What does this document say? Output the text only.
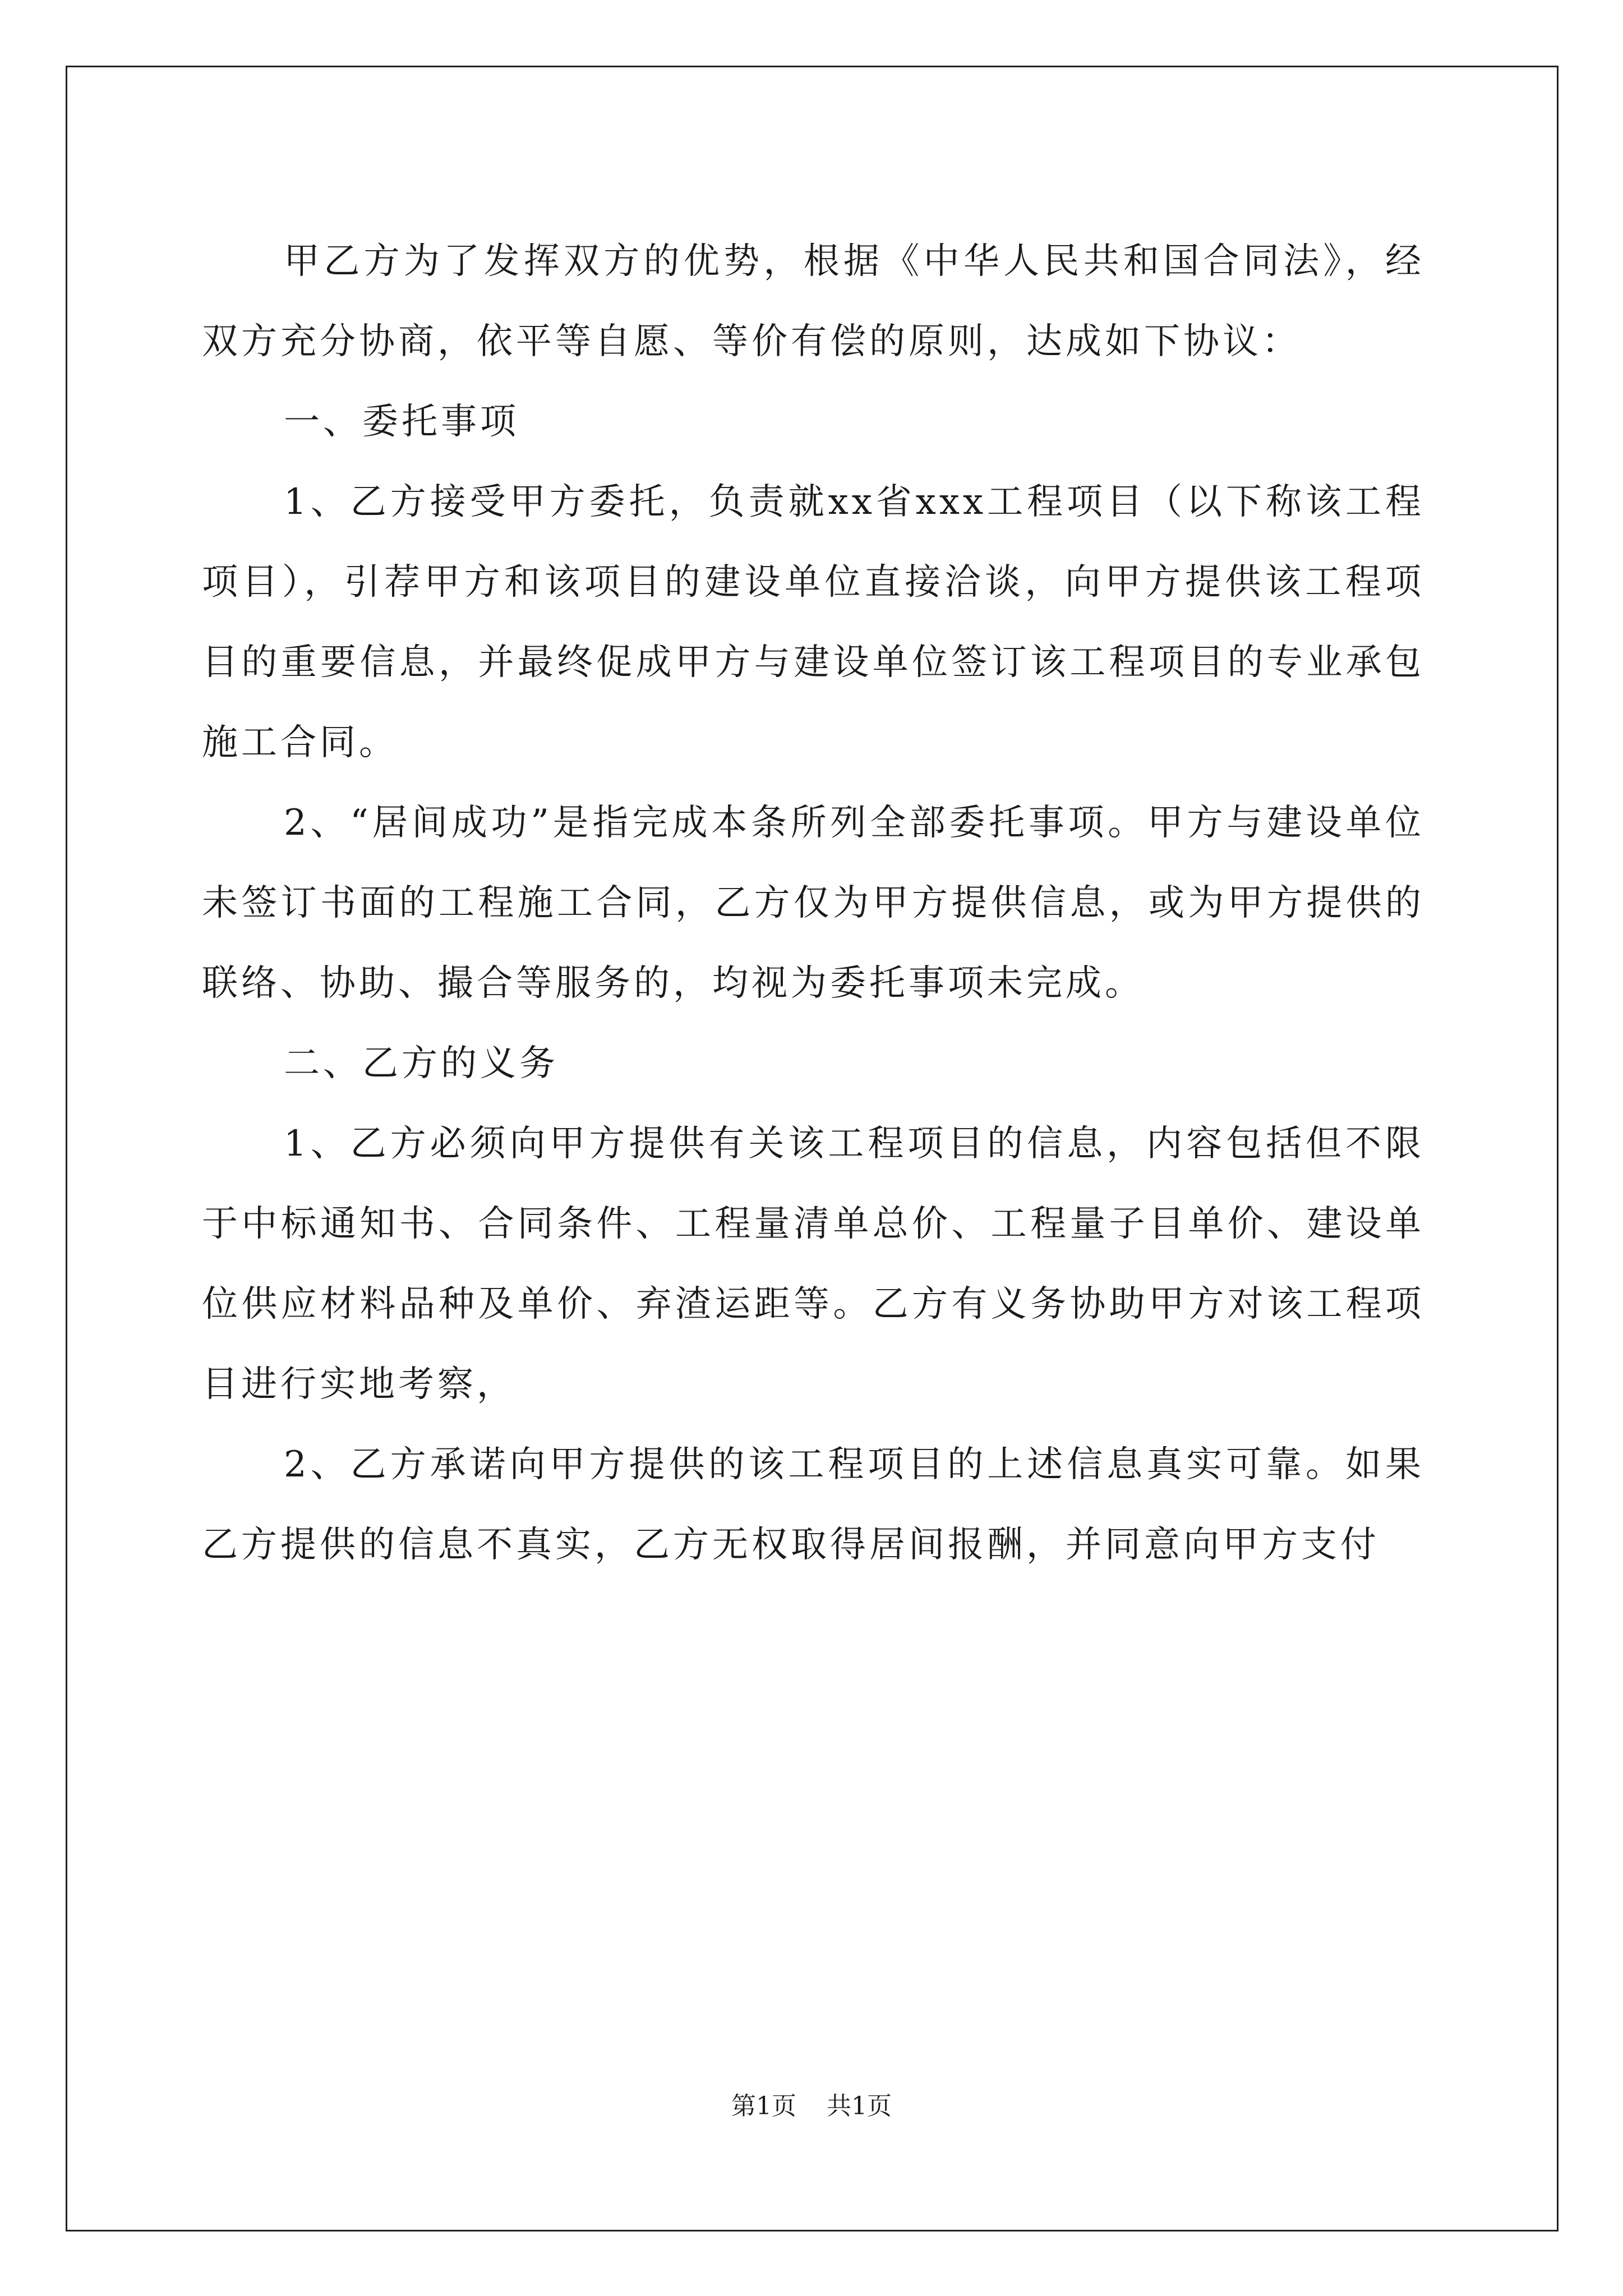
甲乙方为了发挥双方的优势，根据《中华人民共和国合同法》，经双方充分协商，依平等自愿、等价有偿的原则，达成如下协议：

一、委托事项

1、乙方接受甲方委托，负责就xx省xxx工程项目（以下称该工程项目），引荐甲方和该项目的建设单位直接洽谈，向甲方提供该工程项目的重要信息，并最终促成甲方与建设单位签订该工程项目的专业承包施工合同。

2、“居间成功”是指完成本条所列全部委托事项。甲方与建设单位未签订书面的工程施工合同，乙方仅为甲方提供信息，或为甲方提供的联络、协助、撮合等服务的，均视为委托事项未完成。

二、乙方的义务

1、乙方必须向甲方提供有关该工程项目的信息，内容包括但不限于中标通知书、合同条件、工程量清单总价、工程量子目单价、建设单位供应材料品种及单价、弃渣运距等。乙方有义务协助甲方对该工程项目进行实地考察，

2、乙方承诺向甲方提供的该工程项目的上述信息真实可靠。如果乙方提供的信息不真实，乙方无权取得居间报酬，并同意向甲方支付

第1页 共1页
